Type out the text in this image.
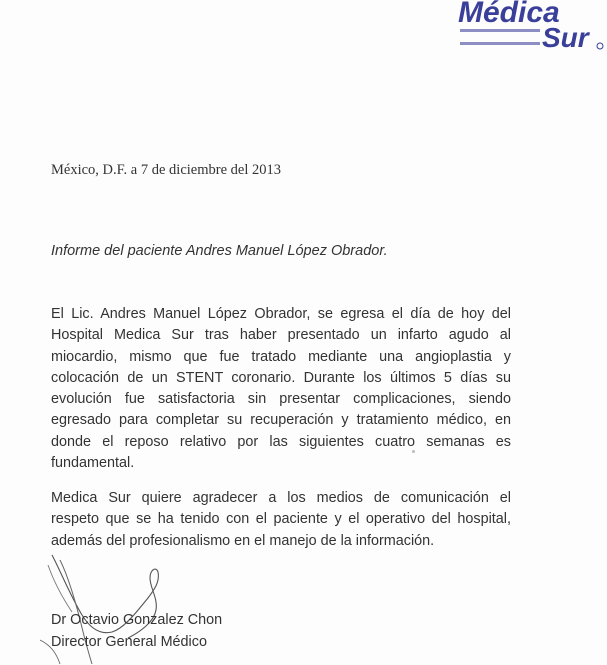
Médica
Sur
México, D.F. a 7 de diciembre del 2013
Informe del paciente Andres Manuel López Obrador.

El Lic. Andres Manuel López Obrador, se egresa el día de hoy del
Hospital Medica Sur tras haber presentado un infarto agudo al
miocardio, mismo que fue tratado mediante una angioplastia y
colocación de un STENT coronario. Durante los últimos 5 días su
evolución fue satisfactoria sin presentar complicaciones, siendo
egresado para completar su recuperación y tratamiento médico, en
donde el reposo relativo por las siguientes cuatro semanas es
fundamental.

Medica Sur quiere agradecer a los medios de comunicación el
respeto que se ha tenido con el paciente y el operativo del hospital,
además del profesionalismo en el manejo de la información.

Dr Octavio Gonzalez Chon
Director General Médico
